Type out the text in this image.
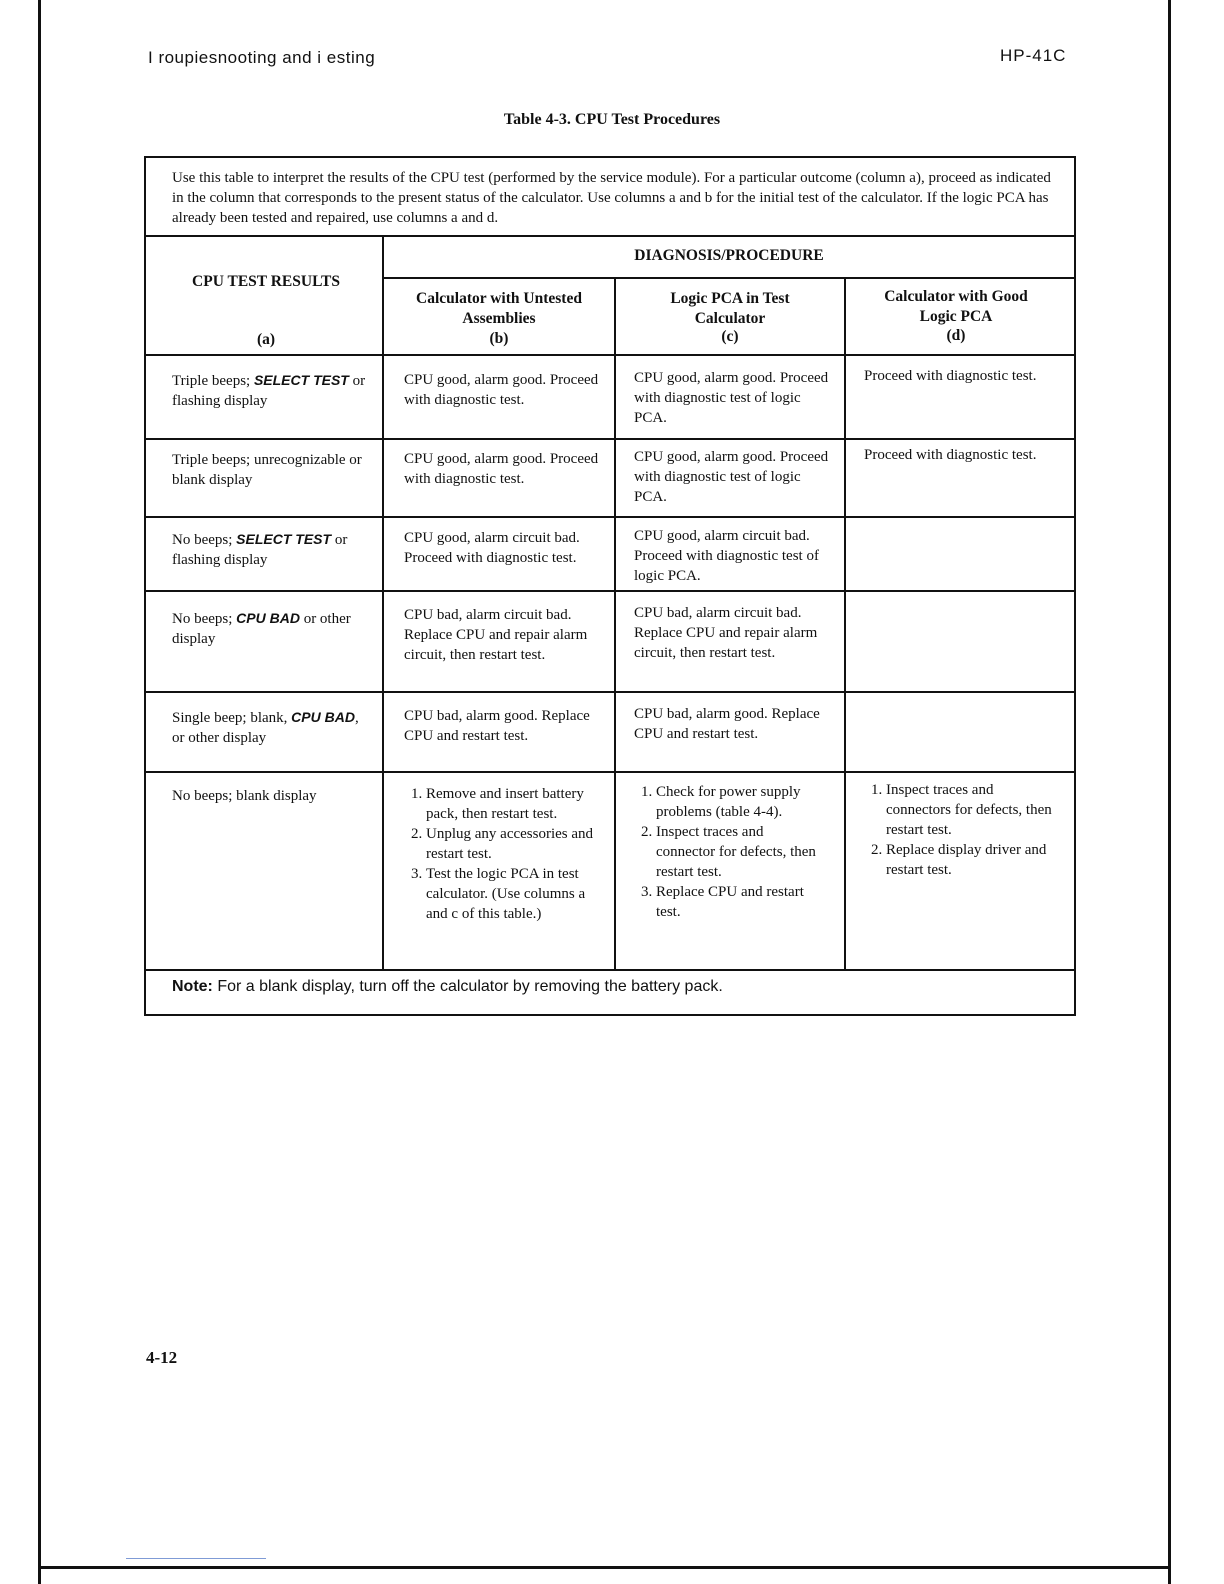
I roupiesnooting and i esting	HP-41C
Table 4-3. CPU Test Procedures
Use this table to interpret the results of the CPU test (performed by the service module). For a particular outcome (column a), proceed as indicated in the column that corresponds to the present status of the calculator. Use columns a and b for the initial test of the calculator. If the logic PCA has already been tested and repaired, use columns a and d.
CPU TEST RESULTS
(a)
DIAGNOSIS/PROCEDURE
Calculator with Untested Assemblies
(b)
Logic PCA in Test Calculator
(c)
Calculator with Good Logic PCA
(d)
Triple beeps; SELECT TEST or flashing display
CPU good, alarm good. Proceed with diagnostic test.
CPU good, alarm good. Proceed with diagnostic test of logic PCA.
Proceed with diagnostic test.
Triple beeps; unrecognizable or blank display
CPU good, alarm good. Proceed with diagnostic test.
CPU good, alarm good. Proceed with diagnostic test of logic PCA.
Proceed with diagnostic test.
No beeps; SELECT TEST or flashing display
CPU good, alarm circuit bad. Proceed with diagnostic test.
CPU good, alarm circuit bad. Proceed with diagnostic test of logic PCA.
No beeps; CPU BAD or other display
CPU bad, alarm circuit bad. Replace CPU and repair alarm circuit, then restart test.
CPU bad, alarm circuit bad. Replace CPU and repair alarm circuit, then restart test.
Single beep; blank, CPU BAD, or other display
CPU bad, alarm good. Replace CPU and restart test.
CPU bad, alarm good. Replace CPU and restart test.
No beeps; blank display
1.	Remove and insert battery pack, then restart test.
2. Unplug any accessories and restart test.
3. Test the logic PCA in test calculator. (Use columns a and c of this table.)
1. Check for power supply problems (table 4-4).
2. Inspect traces and connector for defects, then restart test.
3. Replace CPU and restart test.
1. Inspect traces and connectors for defects, then restart test.
2. Replace display driver and restart test.
Note: For a blank display, turn off the calculator by removing the battery pack.
4-12
